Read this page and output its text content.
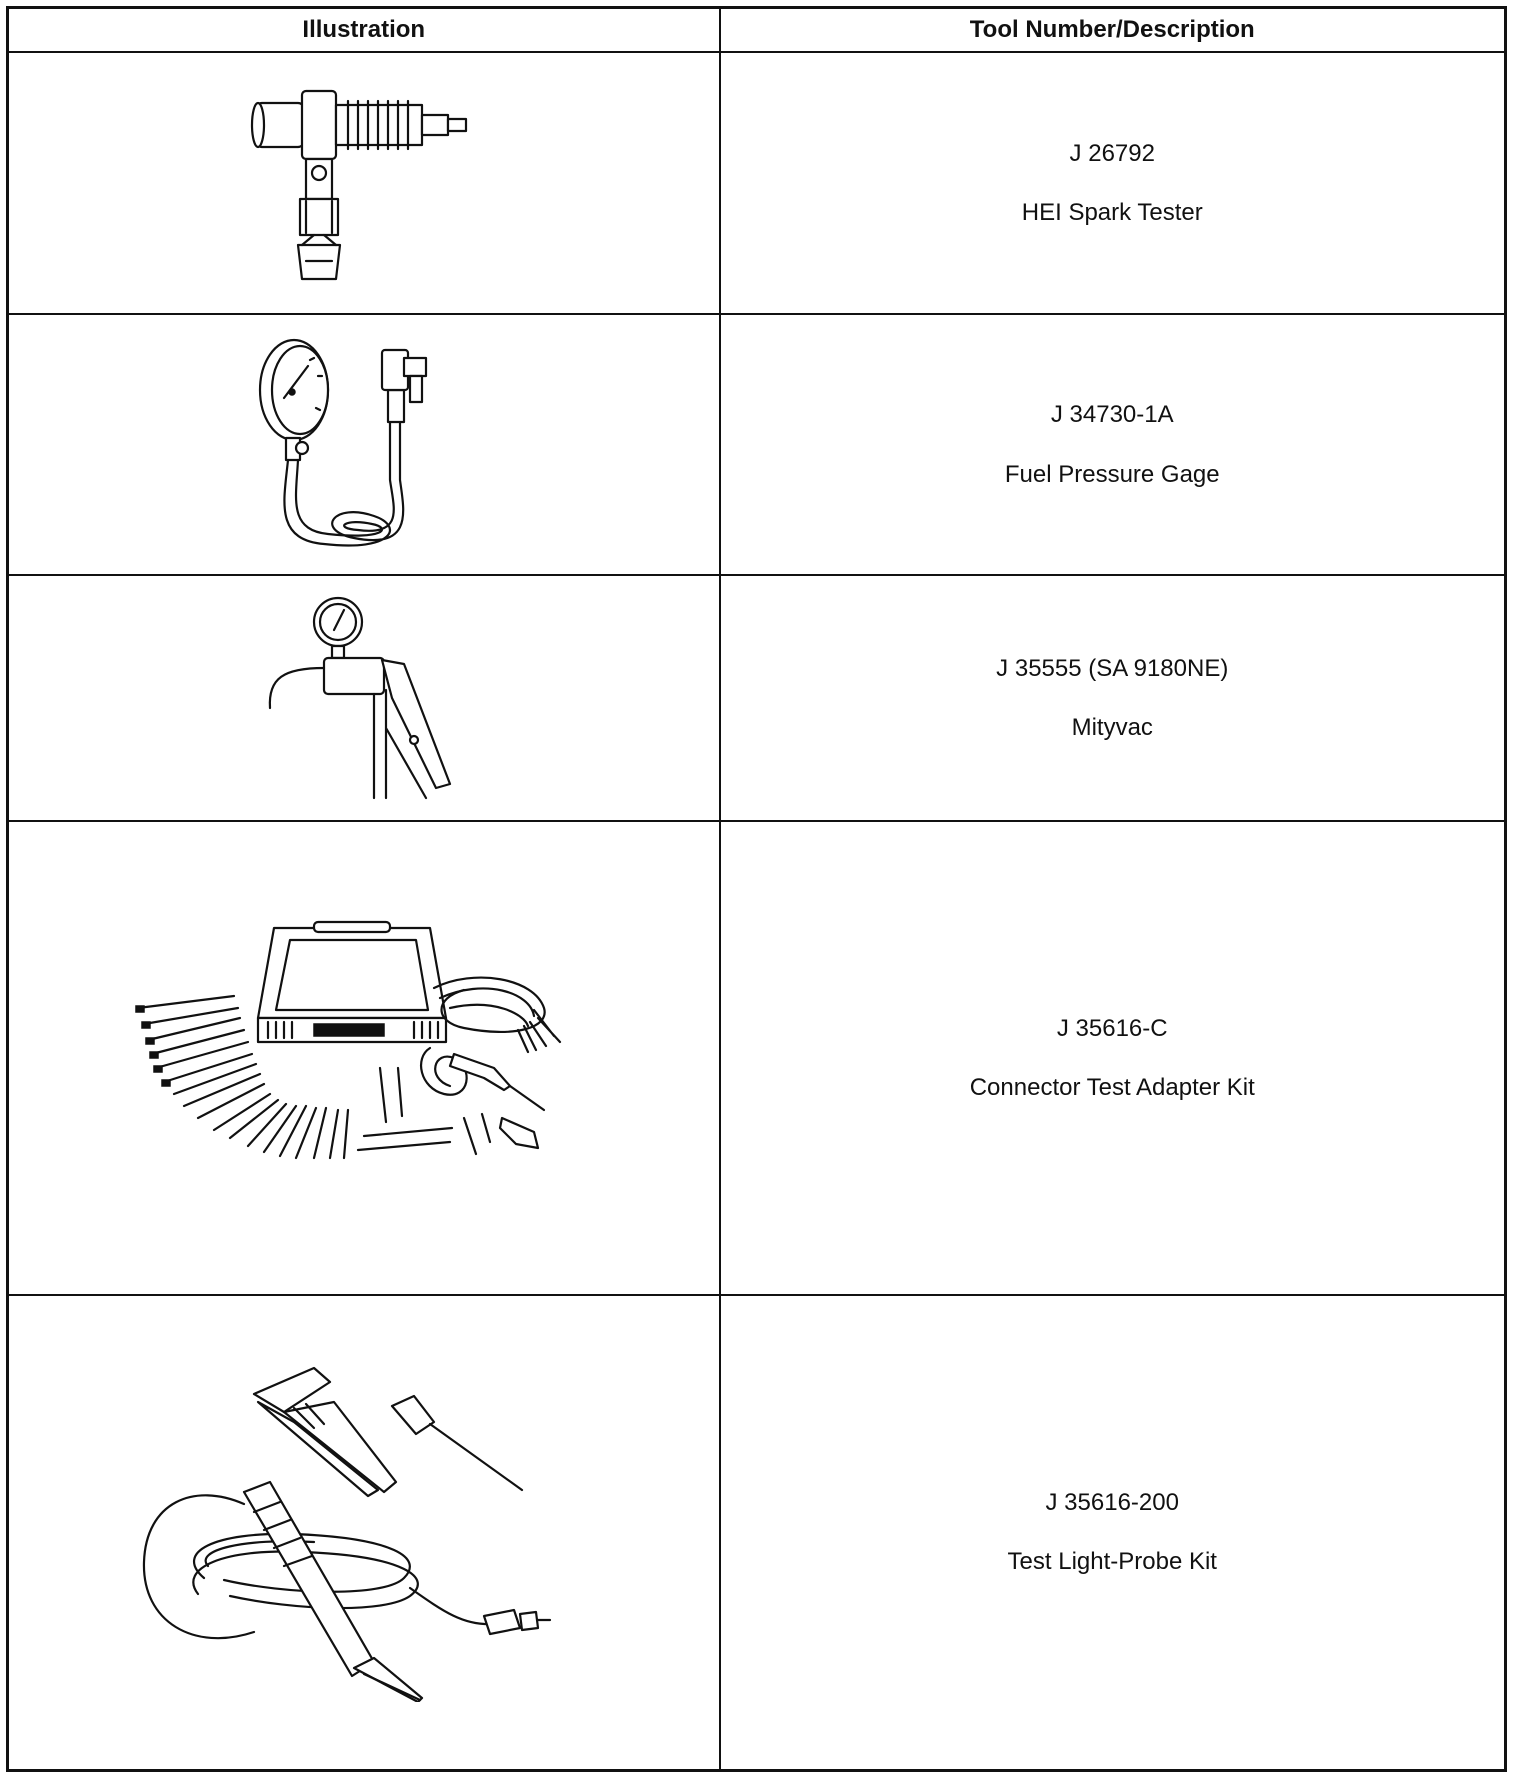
Illustration	Tool Number/Description

J 26792
HEI Spark Tester

J 34730-1A
Fuel Pressure Gage

J 35555 (SA 9180NE)
Mityvac

J 35616-C
Connector Test Adapter Kit

J 35616-200
Test Light-Probe Kit
